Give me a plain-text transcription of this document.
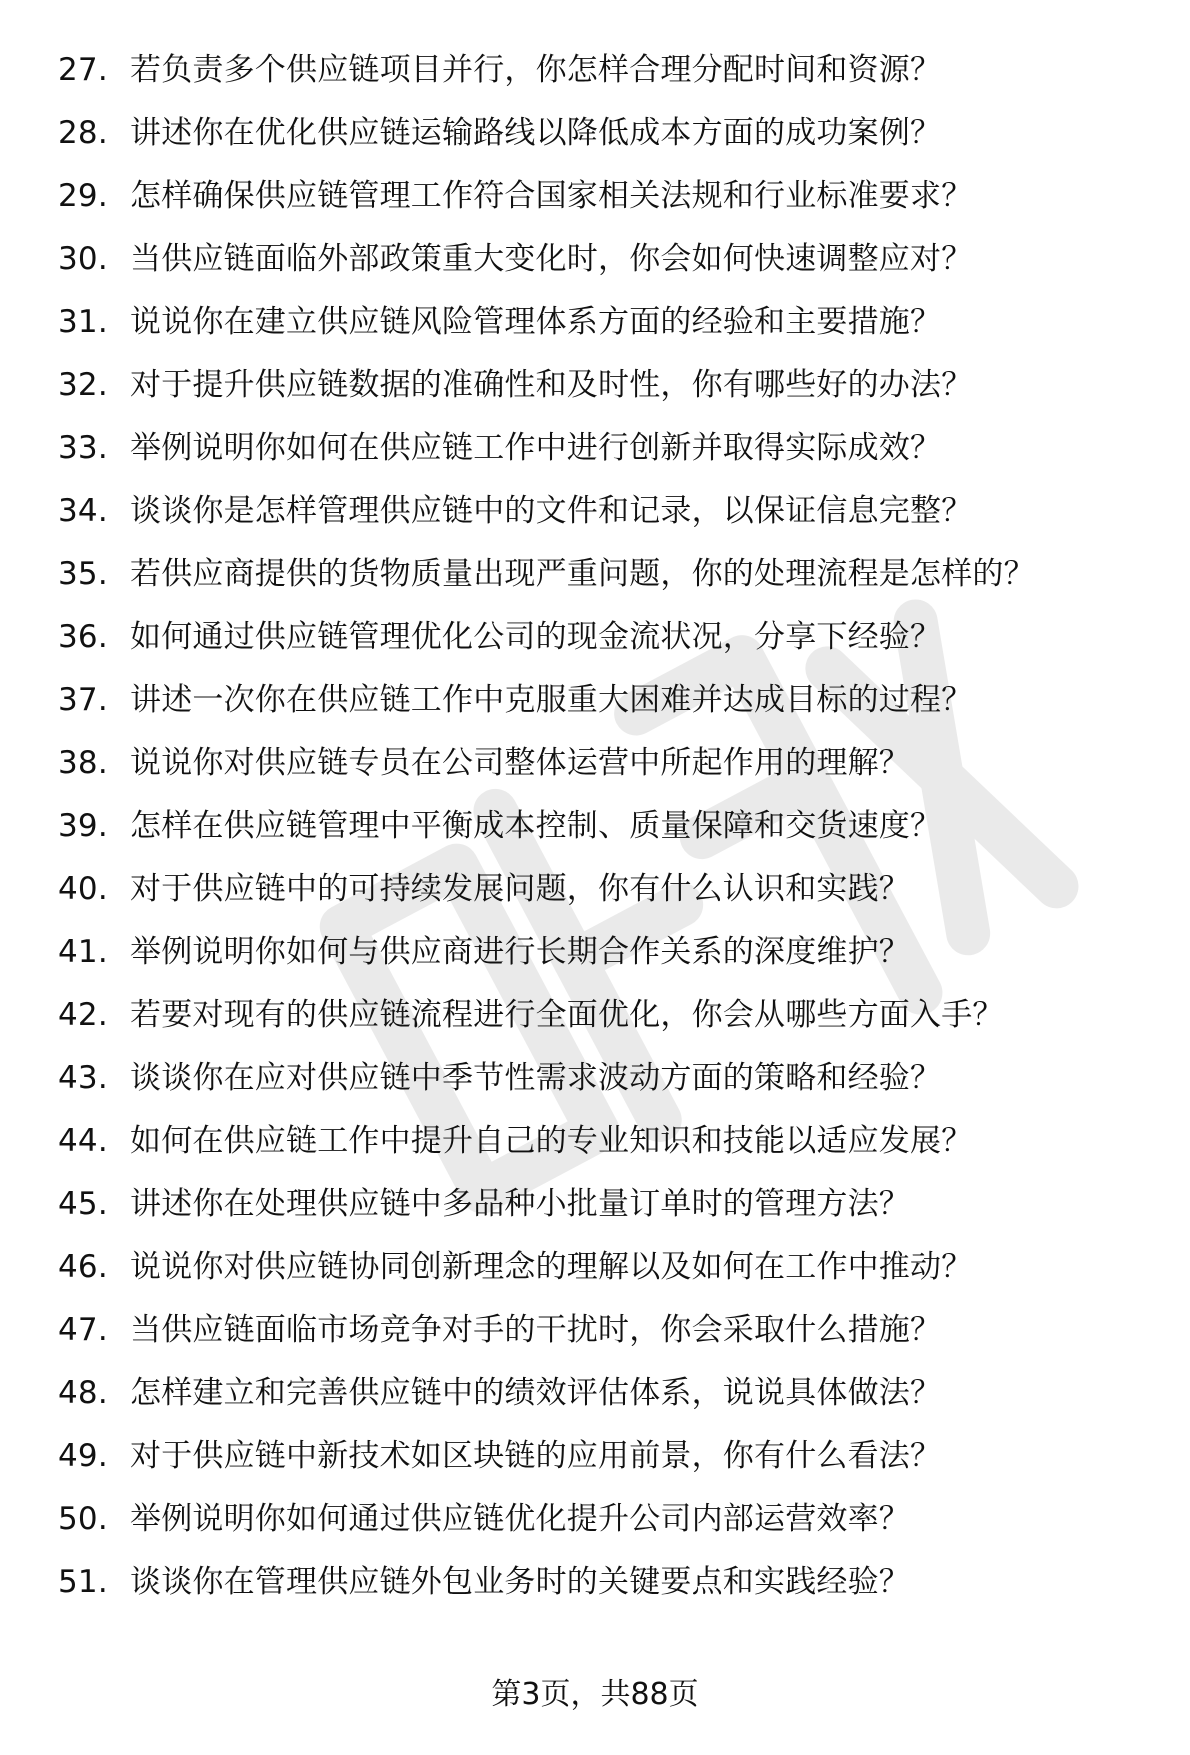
27. 若负责多个供应链项目并行，你怎样合理分配时间和资源？
28. 讲述你在优化供应链运输路线以降低成本方面的成功案例？
29. 怎样确保供应链管理工作符合国家相关法规和行业标准要求？
30. 当供应链面临外部政策重大变化时，你会如何快速调整应对？
31. 说说你在建立供应链风险管理体系方面的经验和主要措施？
32. 对于提升供应链数据的准确性和及时性，你有哪些好的办法？
33. 举例说明你如何在供应链工作中进行创新并取得实际成效？
34. 谈谈你是怎样管理供应链中的文件和记录，以保证信息完整？
35. 若供应商提供的货物质量出现严重问题，你的处理流程是怎样的？
36. 如何通过供应链管理优化公司的现金流状况，分享下经验？
37. 讲述一次你在供应链工作中克服重大困难并达成目标的过程？
38. 说说你对供应链专员在公司整体运营中所起作用的理解？
39. 怎样在供应链管理中平衡成本控制、质量保障和交货速度？
40. 对于供应链中的可持续发展问题，你有什么认识和实践？
41. 举例说明你如何与供应商进行长期合作关系的深度维护？
42. 若要对现有的供应链流程进行全面优化，你会从哪些方面入手？
43. 谈谈你在应对供应链中季节性需求波动方面的策略和经验？
44. 如何在供应链工作中提升自己的专业知识和技能以适应发展？
45. 讲述你在处理供应链中多品种小批量订单时的管理方法？
46. 说说你对供应链协同创新理念的理解以及如何在工作中推动？
47. 当供应链面临市场竞争对手的干扰时，你会采取什么措施？
48. 怎样建立和完善供应链中的绩效评估体系，说说具体做法？
49. 对于供应链中新技术如区块链的应用前景，你有什么看法？
50. 举例说明你如何通过供应链优化提升公司内部运营效率？
51. 谈谈你在管理供应链外包业务时的关键要点和实践经验？
第3页，共88页
